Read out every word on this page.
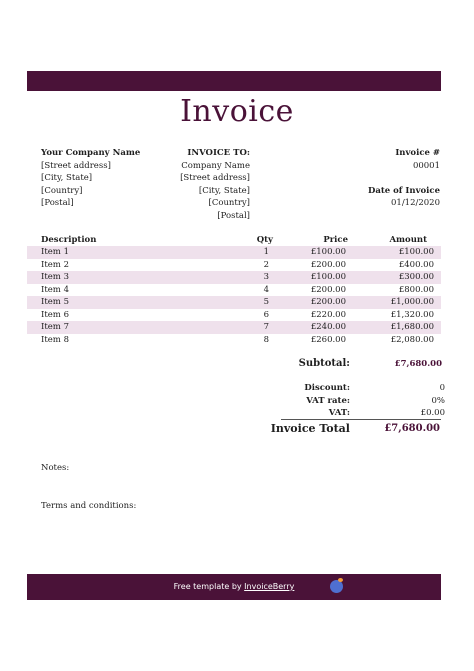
Invoice
Your Company Name
[Street address]
[City, State]
[Country]
[Postal]
INVOICE TO:
Company Name
[Street address]
[City, State]
[Country]
[Postal]
Invoice #
00001
Date of Invoice
01/12/2020
Description	Qty	Price	Amount
Item 1	1	£100.00	£100.00
Item 2	2	£200.00	£400.00
Item 3	3	£100.00	£300.00
Item 4	4	£200.00	£800.00
Item 5	5	£200.00	£1,000.00
Item 6	6	£220.00	£1,320.00
Item 7	7	£240.00	£1,680.00
Item 8	8	£260.00	£2,080.00
Subtotal:	£7,680.00
Discount:	0
VAT rate:	0%
VAT:	£0.00
Invoice Total	£7,680.00
Notes:
Terms and conditions:
Free template by InvoiceBerry
